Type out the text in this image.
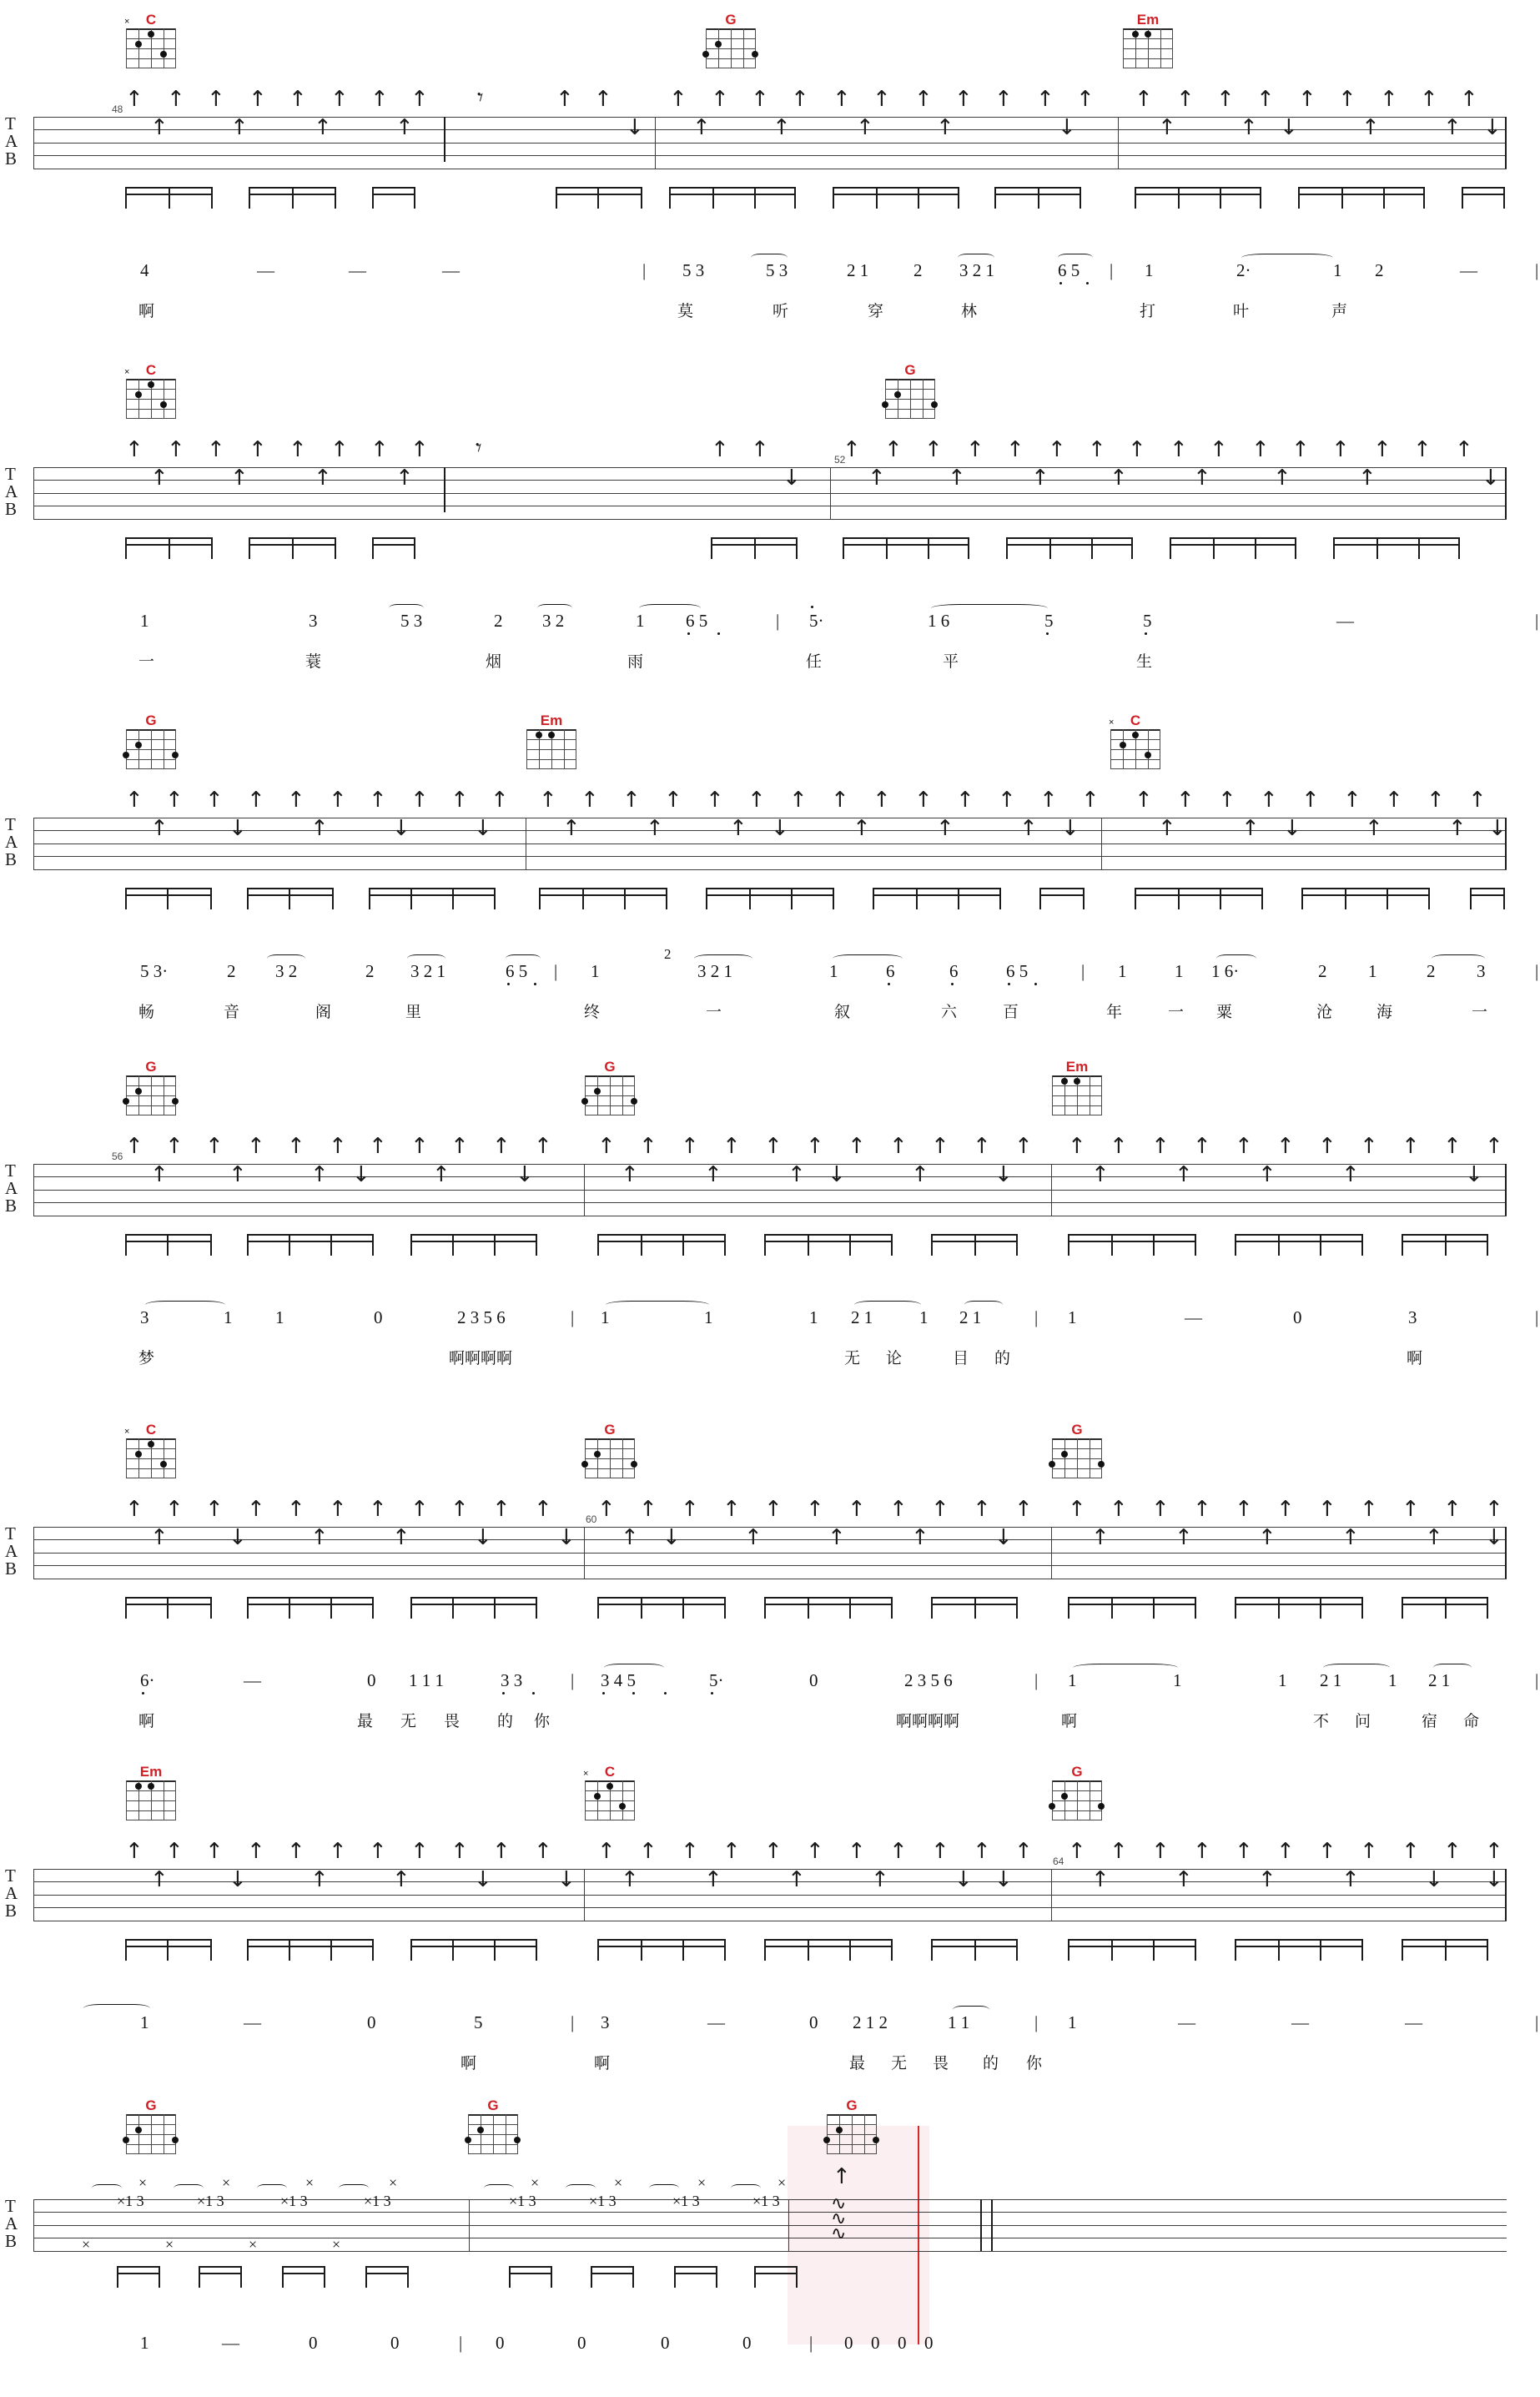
C
×	G	Em
T
A
B
48 ↑ ↑ ↑ ↑ ↑ ↑ ↑ ↑	↑ ↑
↑	↑	↑	↑	↓
𝄾	↑ ↑ ↑ ↑ ↑ ↑ ↑ ↑ ↑ ↑ ↑
↑	↑	↑	↑	↓
↑ ↑ ↑ ↑ ↑ ↑ ↑ ↑ ↑
↑	↑ ↓	↑	↑ ↓
4	—	—	—	| 5 3	5 3	2 1	2 3 2 1	6 5 | 1	2·	1 2	—	|
啊	莫	听	穿	林	打	叶	声
C
×	G
T
A
B
52
↑ ↑ ↑ ↑ ↑ ↑ ↑ ↑	↑ ↑
↑	↑	↑	↑	↓
𝄾	↑ ↑ ↑ ↑ ↑ ↑ ↑ ↑ ↑ ↑ ↑ ↑ ↑ ↑ ↑ ↑
↑	↑	↑	↑	↑	↑	↑	↓
1	3	5 3	2 3 2	1 6 5	| 5·	1 6	5	5	—	|
一	蓑	烟	雨	任	平	生
G	Em	C
×
T
A
B
↑ ↑ ↑ ↑ ↑ ↑ ↑ ↑ ↑ ↑
↑	↓	↑	↓	↓
↑ ↑ ↑ ↑ ↑ ↑ ↑ ↑ ↑ ↑ ↑ ↑ ↑ ↑
↑	↑	↑ ↓	↑	↑	↑ ↓
↑ ↑ ↑ ↑ ↑ ↑ ↑ ↑ ↑
↑	↑ ↓	↑	↑ ↓
5 3·	2 3 2	2 3 2 1	6 5 | 1	3 2 1	1	6	6	6 5	| 1	1 1 6·	2 1	2 3	|
2
畅	音	阁	里	终	一	叙	六	百	年	一 粟	沧	海	一
G	G	Em
T
A
B
56 ↑ ↑ ↑ ↑ ↑ ↑ ↑ ↑ ↑ ↑ ↑
↑	↑	↑ ↓	↑	↓
↑ ↑ ↑ ↑ ↑ ↑ ↑ ↑ ↑ ↑ ↑
↑	↑	↑ ↓	↑	↓
↑ ↑ ↑ ↑ ↑ ↑ ↑ ↑ ↑ ↑ ↑
↑	↑	↑	↑	↓
3	1 1	0	2 3 5 6	| 1	1	1 2 1	1 2 1	| 1	—	0	3	|
梦	啊啊啊啊	无 论	目 的	啊
C
×	G	G
T
A
B
60
↑ ↑ ↑ ↑ ↑ ↑ ↑ ↑ ↑ ↑ ↑
↑	↓	↑	↑	↓	↓
↑ ↑ ↑ ↑ ↑ ↑ ↑ ↑ ↑ ↑ ↑
↑ ↓	↑	↑	↑	↓
↑ ↑ ↑ ↑ ↑ ↑ ↑ ↑ ↑ ↑ ↑
↑	↑	↑	↑	↑ ↓
6·	—	0 1 1 1	3 3	| 3 4 5	5·	0	2 3 5 6	| 1	1	1 2 1	1 2 1	|
啊	最 无 畏 的 你	啊啊啊啊	啊	不 问	宿 命
Em	C
×	G
T
A
B
64
↑ ↑ ↑ ↑ ↑ ↑ ↑ ↑ ↑ ↑ ↑
↑	↓	↑	↑	↓	↓
↑ ↑ ↑ ↑ ↑ ↑ ↑ ↑ ↑ ↑ ↑
↑	↑	↑	↑	↓ ↓
↑ ↑ ↑ ↑ ↑ ↑ ↑ ↑ ↑ ↑ ↑
↑	↑	↑	↑	↓ ↓
1	—	0	5	| 3	—	0 2 1 2	1 1	| 1	—	—	—	|
啊	啊	最 无 畏 的 你
G	G	G
T
A
B
×1 3	×1 3	×1 3	×1 3	×1 3	×1 3	×1 3	×1 3
×	×	×	×
×	×	×	×	×	×	×	× ↑
∿
∿
∿
1	—	0	0	| 0	0	0	0	| 0 0 0 0
